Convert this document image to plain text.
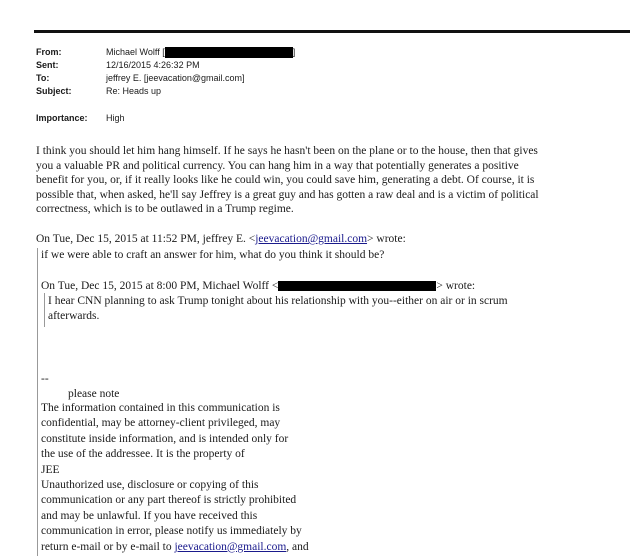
From:	Michael Wolff [	]
Sent:	12/16/2015 4:26:32 PM
To:	jeffrey E. [jeevacation@gmail.com]
Subject:	Re: Heads up
Importance: High
I think you should let him hang himself. If he says he hasn't been on the plane or to the house, then that gives
you a valuable PR and political currency. You can hang him in a way that potentially generates a positive
benefit for you, or, if it really looks like he could win, you could save him, generating a debt. Of course, it is
possible that, when asked, he'll say Jeffrey is a great guy and has gotten a raw deal and is a victim of political
correctness, which is to be outlawed in a Trump regime.
On Tue, Dec 15, 2015 at 11:52 PM, jeffrey E. <jeevacation@gmail.com> wrote:
if we were able to craft an answer for him, what do you think it should be?
On Tue, Dec 15, 2015 at 8:00 PM, Michael Wolff <	> wrote:
I hear CNN planning to ask Trump tonight about his relationship with you--either on air or in scrum
afterwards.
--
please note
The information contained in this communication is
confidential, may be attorney-client privileged, may
constitute inside information, and is intended only for
the use of the addressee. It is the property of
JEE
Unauthorized use, disclosure or copying of this
communication or any part thereof is strictly prohibited
and may be unlawful. If you have received this
communication in error, please notify us immediately by
return e-mail or by e-mail to jeevacation@gmail.com, and
